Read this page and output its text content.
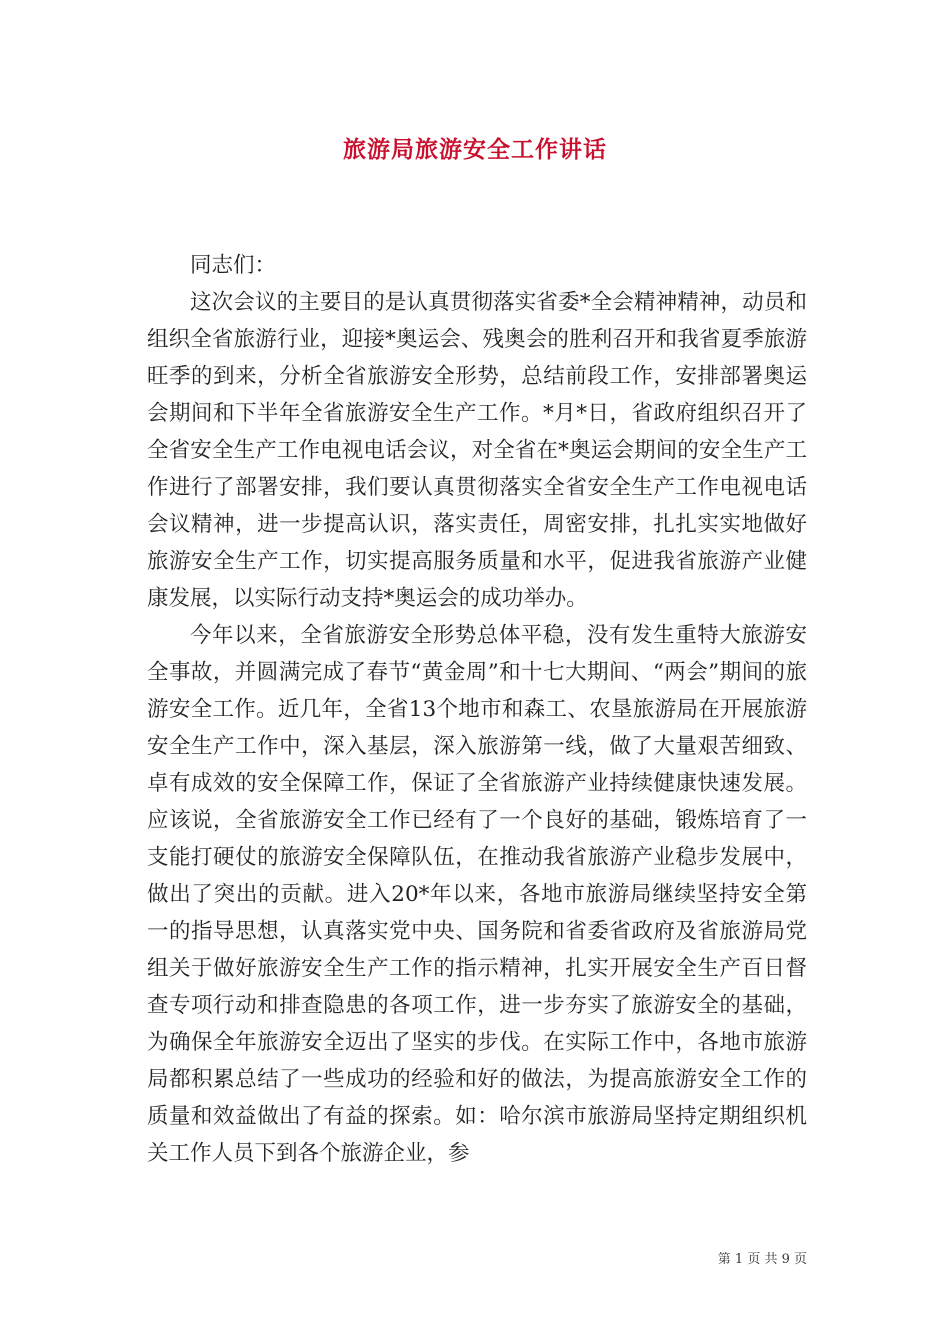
旅游局旅游安全工作讲话

同志们：

这次会议的主要目的是认真贯彻落实省委*全会精神精神，动员和组织全省旅游行业，迎接*奥运会、残奥会的胜利召开和我省夏季旅游旺季的到来，分析全省旅游安全形势，总结前段工作，安排部署奥运会期间和下半年全省旅游安全生产工作。*月*日，省政府组织召开了全省安全生产工作电视电话会议，对全省在*奥运会期间的安全生产工作进行了部署安排，我们要认真贯彻落实全省安全生产工作电视电话会议精神，进一步提高认识，落实责任，周密安排，扎扎实实地做好旅游安全生产工作，切实提高服务质量和水平，促进我省旅游产业健康发展，以实际行动支持*奥运会的成功举办。

今年以来，全省旅游安全形势总体平稳，没有发生重特大旅游安全事故，并圆满完成了春节“黄金周”和十七大期间、“两会”期间的旅游安全工作。近几年，全省13个地市和森工、农垦旅游局在开展旅游安全生产工作中，深入基层，深入旅游第一线，做了大量艰苦细致、卓有成效的安全保障工作，保证了全省旅游产业持续健康快速发展。应该说，全省旅游安全工作已经有了一个良好的基础，锻炼培育了一支能打硬仗的旅游安全保障队伍，在推动我省旅游产业稳步发展中，做出了突出的贡献。进入20*年以来，各地市旅游局继续坚持安全第一的指导思想，认真落实党中央、国务院和省委省政府及省旅游局党组关于做好旅游安全生产工作的指示精神，扎实开展安全生产百日督查专项行动和排查隐患的各项工作，进一步夯实了旅游安全的基础，为确保全年旅游安全迈出了坚实的步伐。在实际工作中，各地市旅游局都积累总结了一些成功的经验和好的做法，为提高旅游安全工作的质量和效益做出了有益的探索。如：哈尔滨市旅游局坚持定期组织机关工作人员下到各个旅游企业，参

第 1 页 共 9 页
